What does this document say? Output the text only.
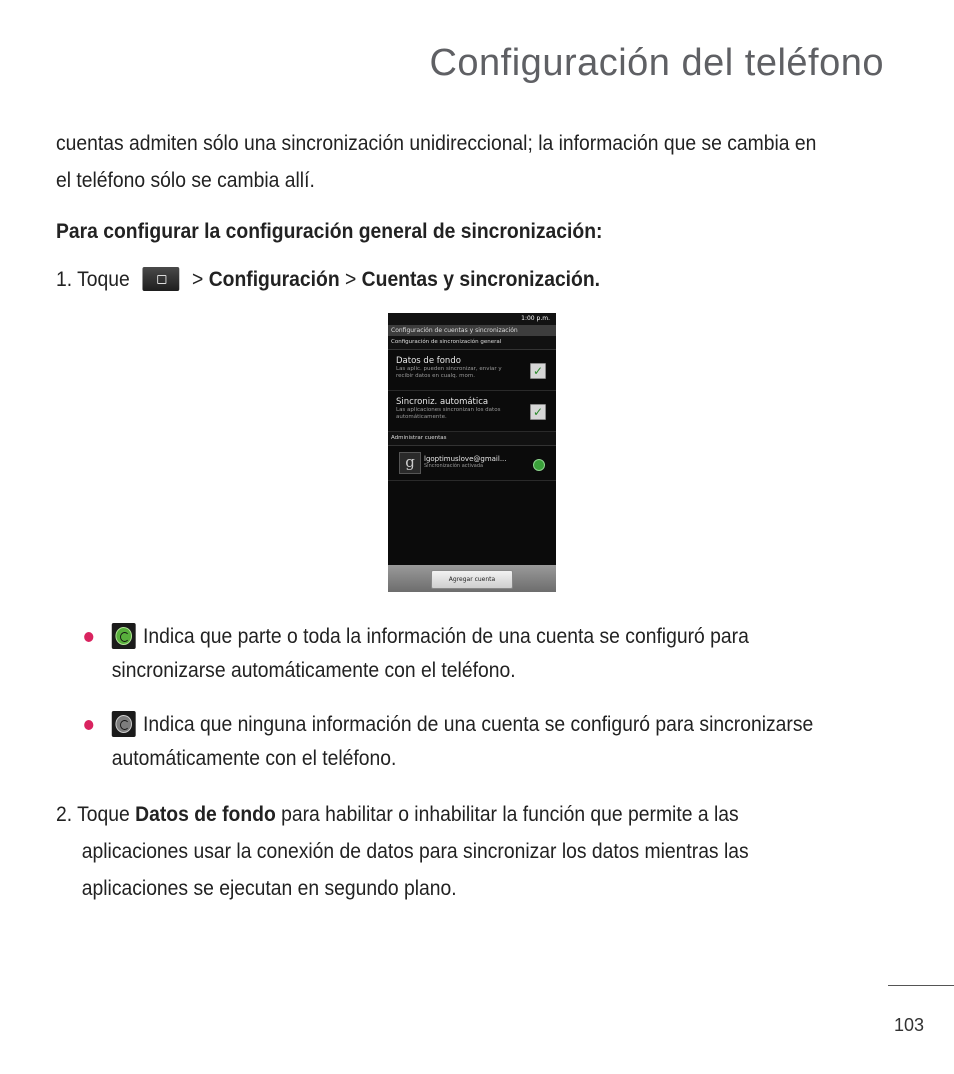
Configuración del teléfono
cuentas admiten sólo una sincronización unidireccional; la información que se cambia en el teléfono sólo se cambia allí.
Para configurar la configuración general de sincronización:
1. Toque	> Configuración > Cuentas y sincronización.
1:00 p.m.
Configuración de cuentas y sincronización
Configuración de sincronización general
Datos de fondo
Las aplic. pueden sincronizar, enviar y recibir datos en cualq. mom.	✓
Sincroniz. automática
Las aplicaciones sincronizan los datos automáticamente.	✓
Administrar cuentas
g	lgoptimuslove@gmail...
Sincronización activada
Agregar cuenta
Indica que parte o toda la información de una cuenta se configuró para sincronizarse automáticamente con el teléfono.
Indica que ninguna información de una cuenta se configuró para sincronizarse automáticamente con el teléfono.
2. Toque Datos de fondo para habilitar o inhabilitar la función que permite a las aplicaciones usar la conexión de datos para sincronizar los datos mientras las aplicaciones se ejecutan en segundo plano.
103
